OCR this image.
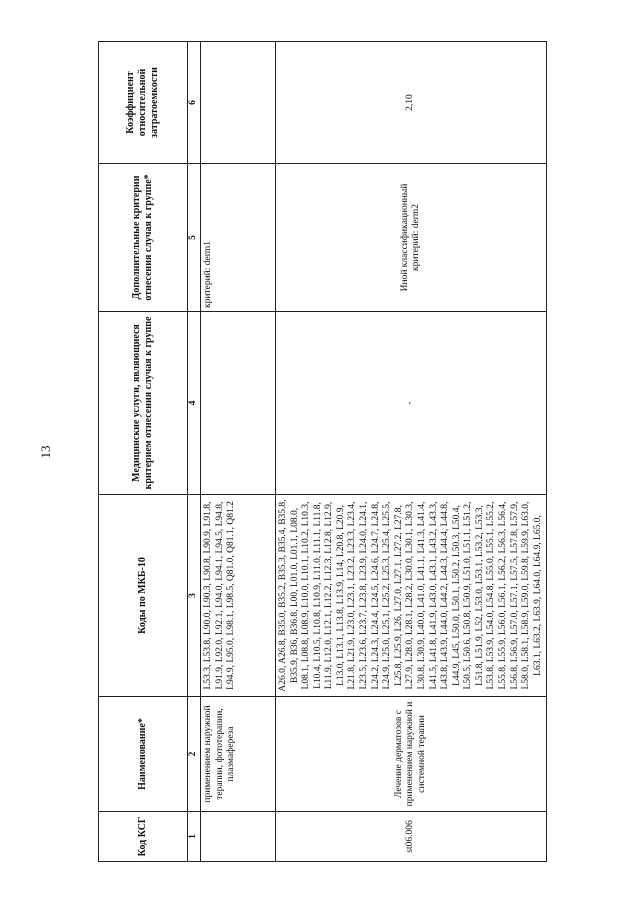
13
Код КСГ	Наименование*	Коды по МКБ-10	Медицинские услуги, являющиеся критерием отнесения случая к группе	Дополнительные критерии отнесения случая к группе*	Коэффициент относительной затратоемкости
1	2	3	4	5	6
	применением наружной терапии, фототерапии, плазмафереза	L53.3, L53.8, L90.0, L90.3, L90.8, L90.9, L91.8, L91.9, L92.0, L92.1, L94.0, L94.1, L94.5, L94.8, L94.9, L95.0, L98.1, L98.5, Q81.0, Q81.1, Q81.2		критерий: derm1	
st06.006	Лечение дерматозов с применением наружной и системной терапии	A26.0, A26.8, B35.0, B35.2, B35.3, B35.4, B35.8, B35.9, B36, B36.8, L00, L01.0, L01.1, L08.0, L08.1, L08.8, L08.9, L10.0, L10.1, L10.2, L10.3, L10.4, L10.5, L10.8, L10.9, L11.0, L11.1, L11.8, L11.9, L12.0, L12.1, L12.2, L12.3, L12.8, L12.9, L13.0, L13.1, L13.8, L13.9, L14, L20.8, L20.9, L21.8, L21.9, L23.0, L23.1, L23.2, L23.3, L23.4, L23.5, L23.6, L23.7, L23.8, L23.9, L24.0, L24.1, L24.2, L24.3, L24.4, L24.5, L24.6, L24.7, L24.8, L24.9, L25.0, L25.1, L25.2, L25.3, L25.4, L25.5, L25.8, L25.9, L26, L27.0, L27.1, L27.2, L27.8, L27.9, L28.0, L28.1, L28.2, L30.0, L30.1, L30.3, L30.8, L30.9, L40.0, L41.0, L41.1, L41.3, L41.4, L41.5, L41.8, L41.9, L43.0, L43.1, L43.2, L43.3, L43.8, L43.9, L44.0, L44.2, L44.3, L44.4, L44.8, L44.9, L45, L50.0, L50.1, L50.2, L50.3, L50.4, L50.5, L50.6, L50.8, L50.9, L51.0, L51.1, L51.2, L51.8, L51.9, L52, L53.0, L53.1, L53.2, L53.3, L53.8, L53.9, L54.0, L54.8, L55.0, L55.1, L55.2, L55.8, L55.9, L56.0, L56.1, L56.2, L56.3, L56.4, L56.8, L56.9, L57.0, L57.1, L57.5, L57.8, L57.9, L58.0, L58.1, L58.9, L59.0, L59.8, L59.9, L63.0, L63.1, L63.2, L63.9, L64.0, L64.9, L65.0,	-	Иной классификационный критерий: derm2	2,10
